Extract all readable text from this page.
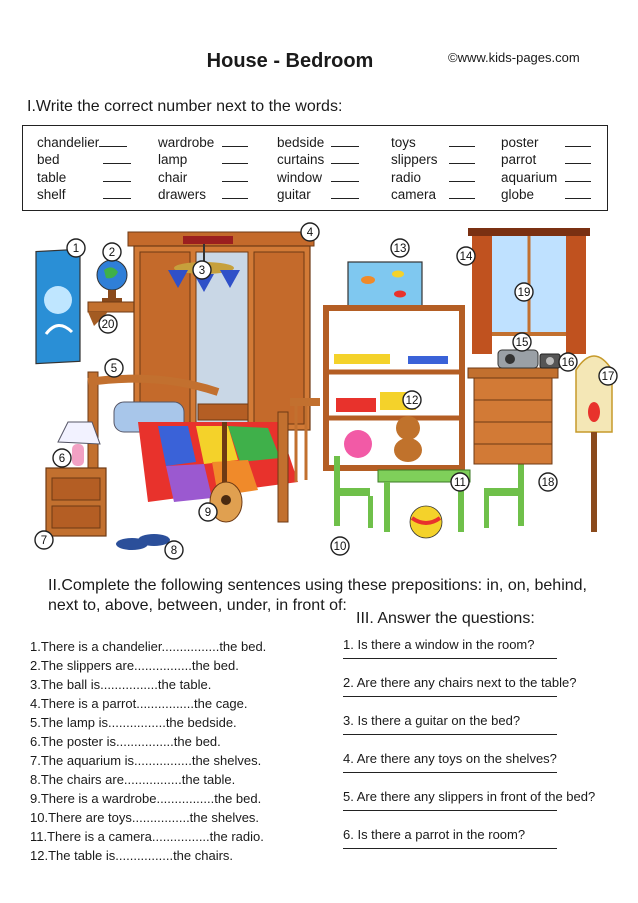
House - Bedroom	©www.kids-pages.com
I.Write the correct number next to the words:
chandelier
bed
table
shelf
wardrobe
lamp
chair
drawers
bedside
curtains
window
guitar
toys
slippers
radio
camera
poster
parrot
aquarium
globe
1	2
3
4
5
6
7
8
9
10
11
12
13
14
15
16
17
18
19
20
II.Complete the following sentences using these prepositions: in, on, behind, next to, above, between, under, in front of:
III. Answer the questions:
1.There is a chandelier................the bed.
2.The slippers are................the bed.
3.The ball is................the table.
4.There is a parrot................the cage.
5.The lamp is................the bedside.
6.The poster is................the bed.
7.The aquarium is................the shelves.
8.The chairs are................the table.
9.There is a wardrobe................the bed.
10.There are toys................the shelves.
11.There is a camera................the radio.
12.The table is................the chairs.
1. Is there a window in the room?
2. Are there any chairs next to the table?
3. Is there a guitar on the bed?
4. Are there any toys on the shelves?
5. Are there any slippers in front of the bed?
6. Is there a parrot in the room?
